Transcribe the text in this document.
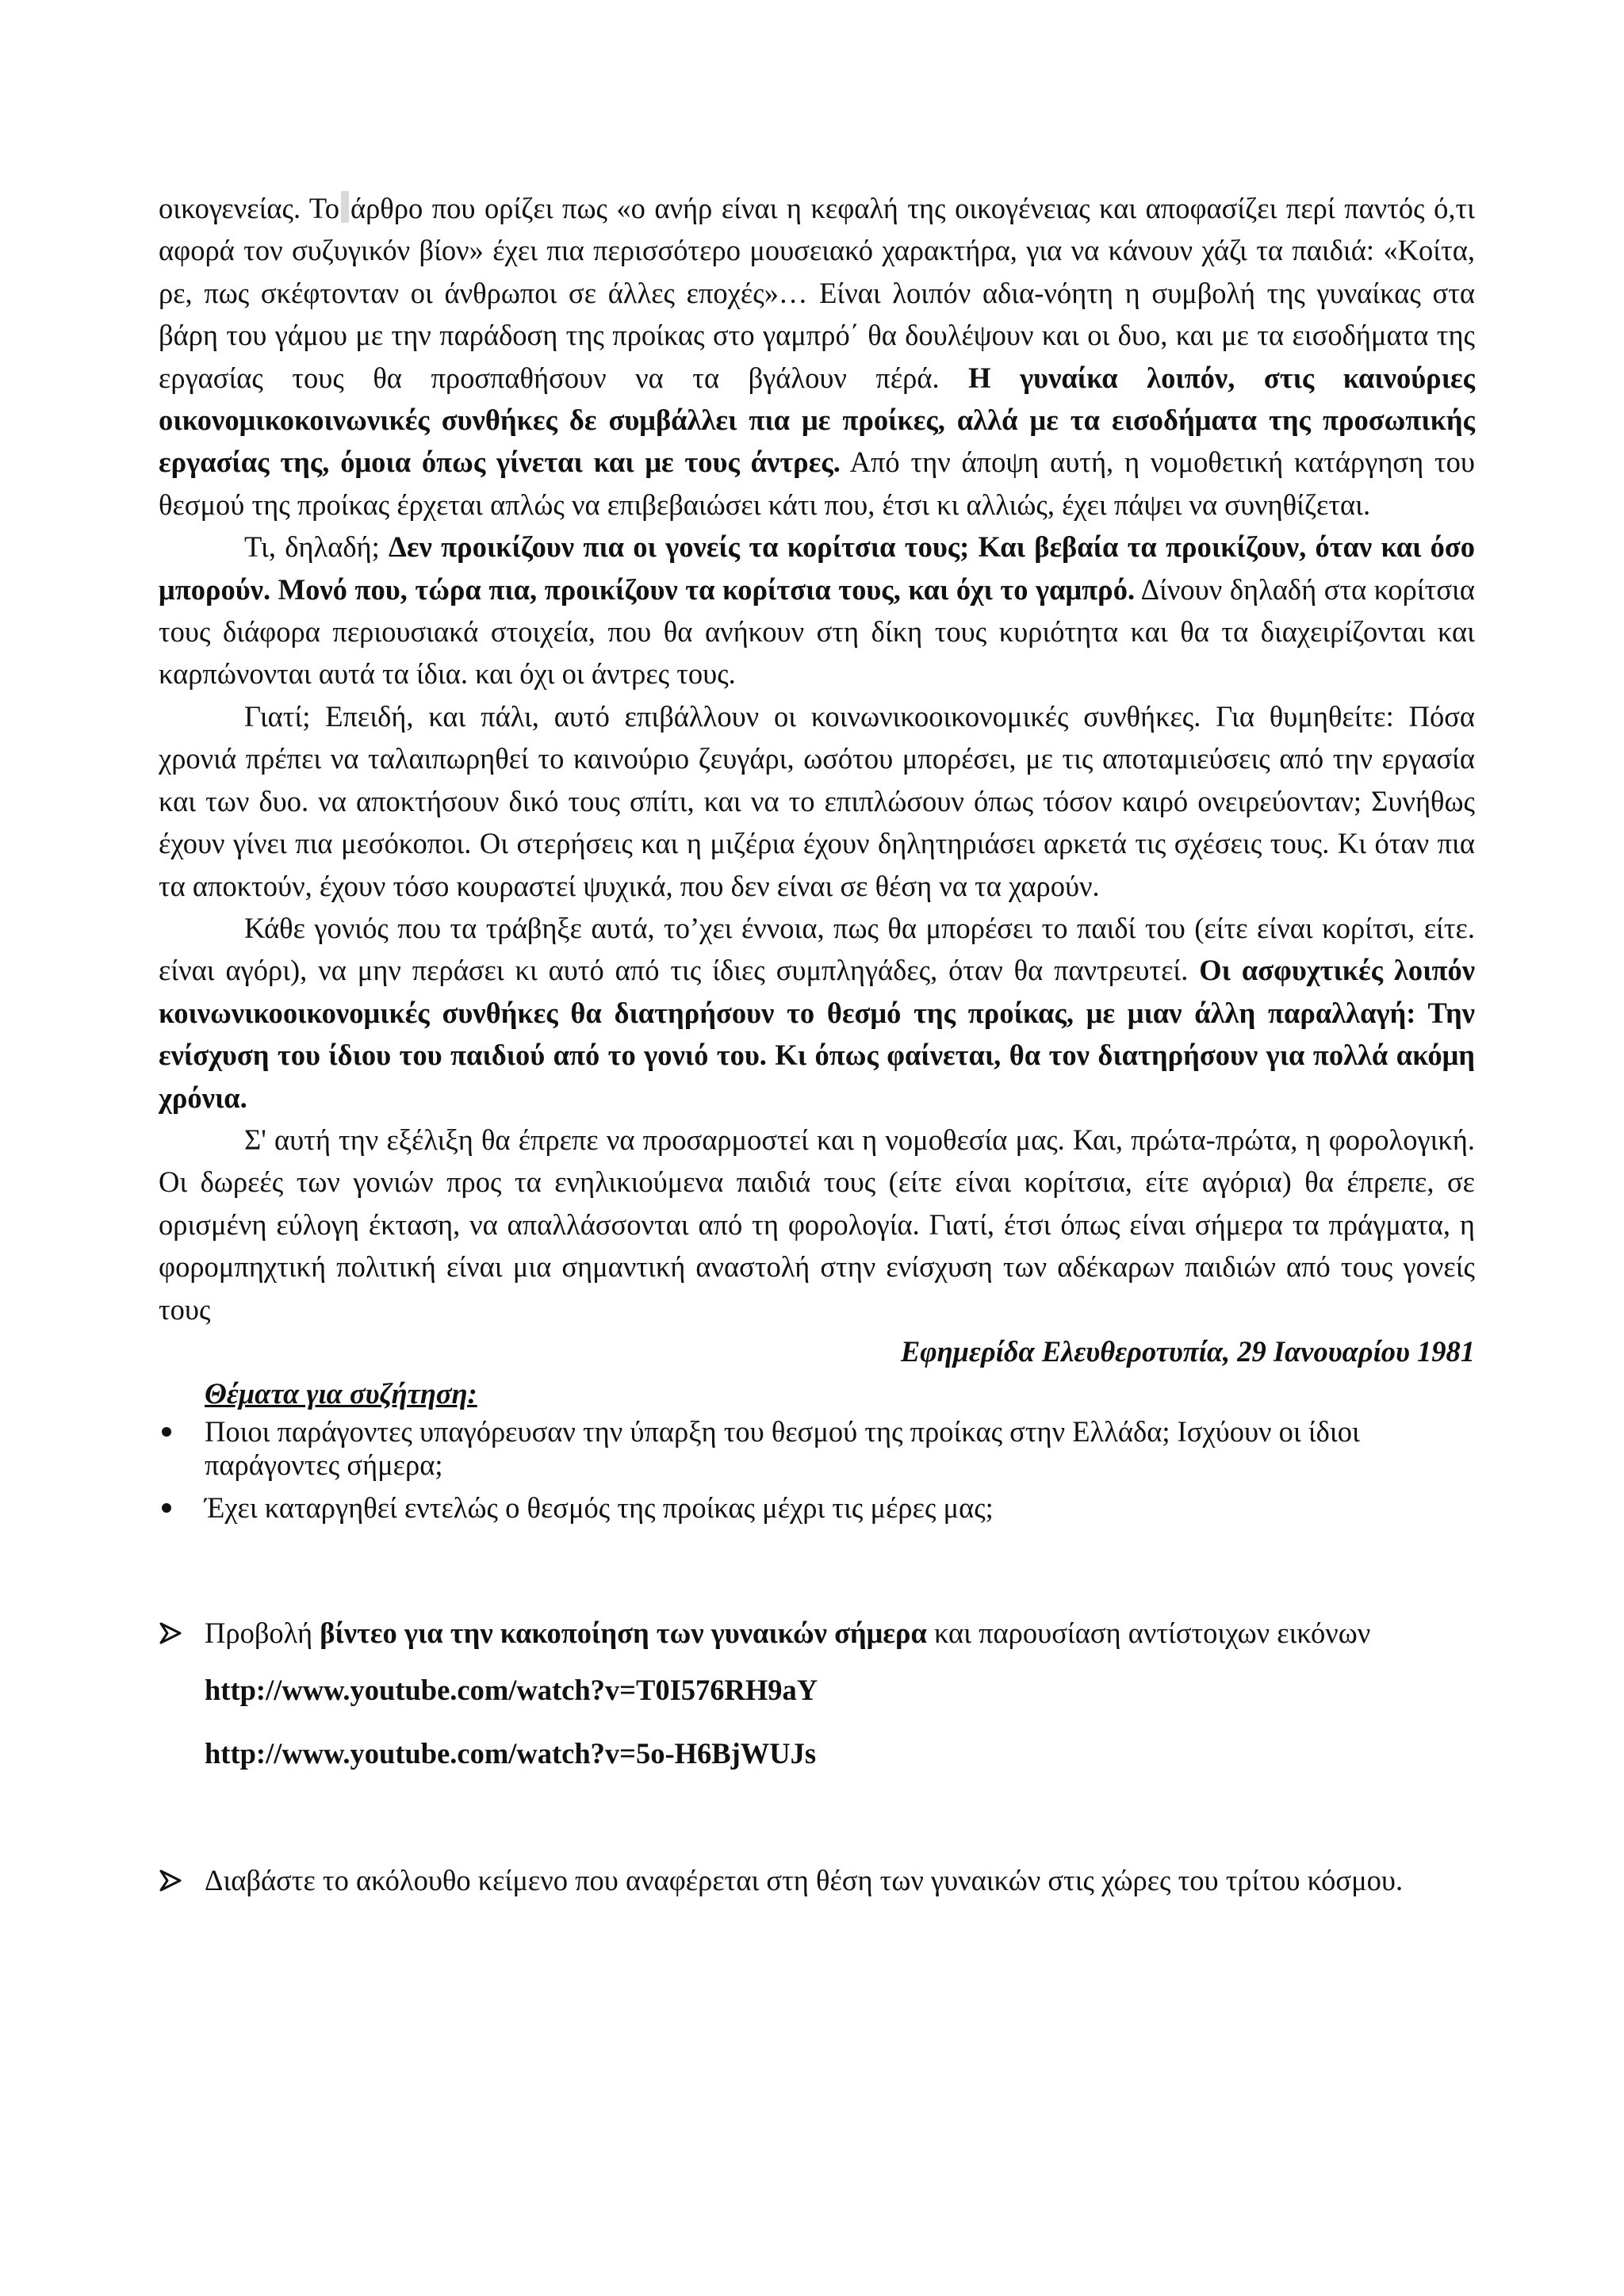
οικογενείας. Το άρθρο που ορίζει πως «ο ανήρ είναι η κεφαλή της οικογένειας και αποφασίζει περί παντός ό,τι αφορά τον συζυγικόν βίον» έχει πια περισσότερο μουσειακό χαρακτήρα, για να κάνουν χάζι τα παιδιά: «Κοίτα, ρε, πως σκέφτονταν οι άνθρωποι σε άλλες εποχές»… Είναι λοιπόν αδια-νόητη η συμβολή της γυναίκας στα βάρη του γάμου με την παράδοση της προίκας στο γαμπρό΄ θα δουλέψουν και οι δυο, και με τα εισοδήματα της εργασίας τους θα προσπαθήσουν να τα βγάλουν πέρά. Η γυναίκα λοιπόν, στις καινούριες οικονομικοκοινωνικές συνθήκες δε συμβάλλει πια με προίκες, αλλά με τα εισοδήματα της προσωπικής εργασίας της, όμοια όπως γίνεται και με τους άντρες. Από την άποψη αυτή, η νομοθετική κατάργηση του θεσμού της προίκας έρχεται απλώς να επιβεβαιώσει κάτι που, έτσι κι αλλιώς, έχει πάψει να συνηθίζεται.

Τι, δηλαδή; Δεν προικίζουν πια οι γονείς τα κορίτσια τους; Και βεβαία τα προικίζουν, όταν και όσο μπορούν. Μονό που, τώρα πια, προικίζουν τα κορίτσια τους, και όχι το γαμπρό. Δίνουν δηλαδή στα κορίτσια τους διάφορα περιουσιακά στοιχεία, που θα ανήκουν στη δίκη τους κυριότητα και θα τα διαχειρίζονται και καρπώνονται αυτά τα ίδια. και όχι οι άντρες τους.

Γιατί; Επειδή, και πάλι, αυτό επιβάλλουν οι κοινωνικοοικονομικές συνθήκες. Για θυμηθείτε: Πόσα χρονιά πρέπει να ταλαιπωρηθεί το καινούριο ζευγάρι, ωσότου μπορέσει, με τις αποταμιεύσεις από την εργασία και των δυο. να αποκτήσουν δικό τους σπίτι, και να το επιπλώσουν όπως τόσον καιρό ονειρεύονταν; Συνήθως έχουν γίνει πια μεσόκοποι. Οι στερήσεις και η μιζέρια έχουν δηλητηριάσει αρκετά τις σχέσεις τους. Κι όταν πια τα αποκτούν, έχουν τόσο κουραστεί ψυχικά, που δεν είναι σε θέση να τα χαρούν.

Κάθε γονιός που τα τράβηξε αυτά, το’χει έννοια, πως θα μπορέσει το παιδί του (είτε είναι κορίτσι, είτε. είναι αγόρι), να μην περάσει κι αυτό από τις ίδιες συμπληγάδες, όταν θα παντρευτεί. Οι ασφυχτικές λοιπόν κοινωνικοοικονομικές συνθήκες θα διατηρήσουν το θεσμό της προίκας, με μιαν άλλη παραλλαγή: Την ενίσχυση του ίδιου του παιδιού από το γονιό του. Κι όπως φαίνεται, θα τον διατηρήσουν για πολλά ακόμη χρόνια.

Σ' αυτή την εξέλιξη θα έπρεπε να προσαρμοστεί και η νομοθεσία μας. Και, πρώτα-πρώτα, η φορολογική. Οι δωρεές των γονιών προς τα ενηλικιούμενα παιδιά τους (είτε είναι κορίτσια, είτε αγόρια) θα έπρεπε, σε ορισμένη εύλογη έκταση, να απαλλάσσονται από τη φορολογία. Γιατί, έτσι όπως είναι σήμερα τα πράγματα, η φορομπηχτική πολιτική είναι μια σημαντική αναστολή στην ενίσχυση των αδέκαρων παιδιών από τους γονείς τους

Εφημερίδα Ελευθεροτυπία, 29 Ιανουαρίου 1981

Θέματα για συζήτηση:

Ποιοι παράγοντες υπαγόρευσαν την ύπαρξη του θεσμού της προίκας στην Ελλάδα; Ισχύουν οι ίδιοι παράγοντες σήμερα;
Έχει καταργηθεί εντελώς ο θεσμός της προίκας μέχρι τις μέρες μας;
Προβολή βίντεο για την κακοποίηση των γυναικών σήμερα και παρουσίαση αντίστοιχων εικόνων

http://www.youtube.com/watch?v=T0I576RH9aY

http://www.youtube.com/watch?v=5o-H6BjWUJs

Διαβάστε το ακόλουθο κείμενο που αναφέρεται στη θέση των γυναικών στις χώρες του τρίτου κόσμου.
